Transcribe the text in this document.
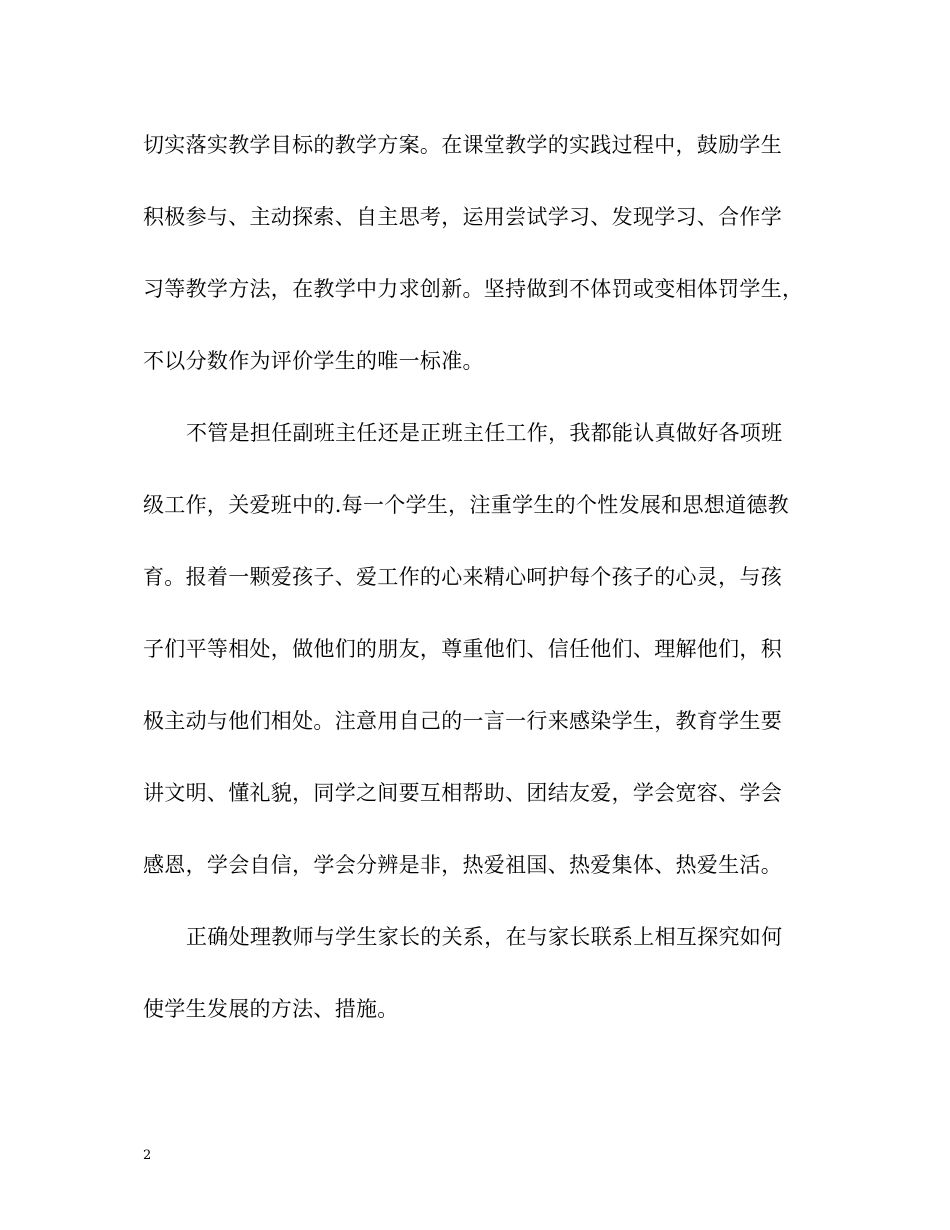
切实落实教学目标的教学方案。在课堂教学的实践过程中，鼓励学生
积极参与、主动探索、自主思考，运用尝试学习、发现学习、合作学
习等教学方法，在教学中力求创新。坚持做到不体罚或变相体罚学生，
不以分数作为评价学生的唯一标准。
不管是担任副班主任还是正班主任工作，我都能认真做好各项班
级工作，关爱班中的.每一个学生，注重学生的个性发展和思想道德教
育。报着一颗爱孩子、爱工作的心来精心呵护每个孩子的心灵，与孩
子们平等相处，做他们的朋友，尊重他们、信任他们、理解他们，积
极主动与他们相处。注意用自己的一言一行来感染学生，教育学生要
讲文明、懂礼貌，同学之间要互相帮助、团结友爱，学会宽容、学会
感恩，学会自信，学会分辨是非，热爱祖国、热爱集体、热爱生活。
正确处理教师与学生家长的关系，在与家长联系上相互探究如何
使学生发展的方法、措施。
2
